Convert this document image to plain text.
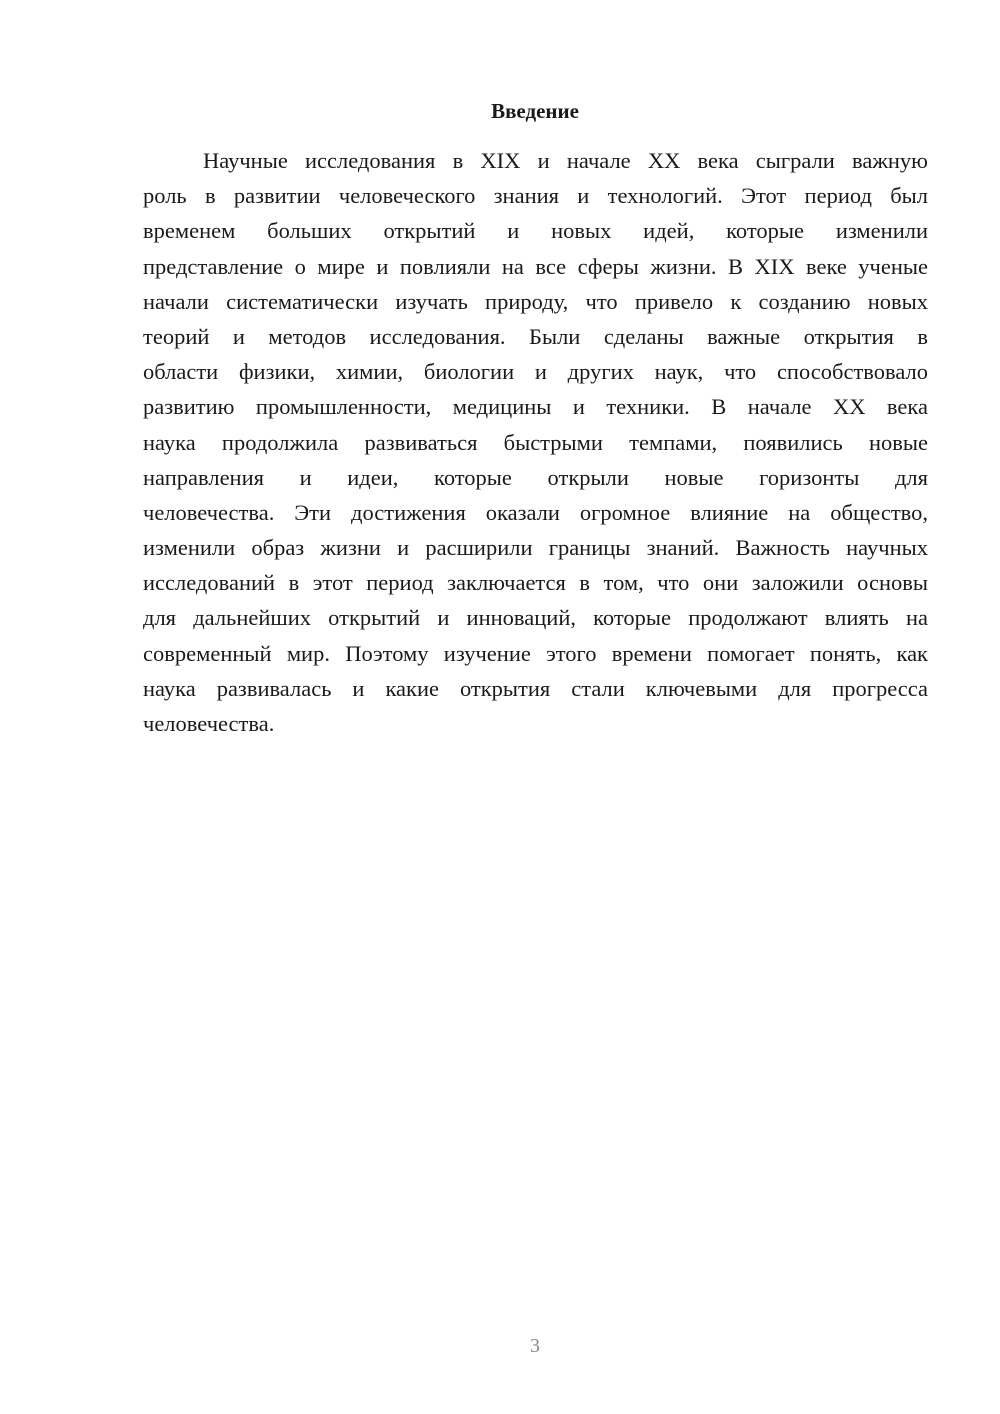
Введение
Научные исследования в XIX и начале XX века сыграли важную
роль в развитии человеческого знания и технологий. Этот период был
временем больших открытий и новых идей, которые изменили
представление о мире и повлияли на все сферы жизни. В XIX веке ученые
начали систематически изучать природу, что привело к созданию новых
теорий и методов исследования. Были сделаны важные открытия в
области физики, химии, биологии и других наук, что способствовало
развитию промышленности, медицины и техники. В начале XX века
наука продолжила развиваться быстрыми темпами, появились новые
направления и идеи, которые открыли новые горизонты для
человечества. Эти достижения оказали огромное влияние на общество,
изменили образ жизни и расширили границы знаний. Важность научных
исследований в этот период заключается в том, что они заложили основы
для дальнейших открытий и инноваций, которые продолжают влиять на
современный мир. Поэтому изучение этого времени помогает понять, как
наука развивалась и какие открытия стали ключевыми для прогресса
человечества.
3
